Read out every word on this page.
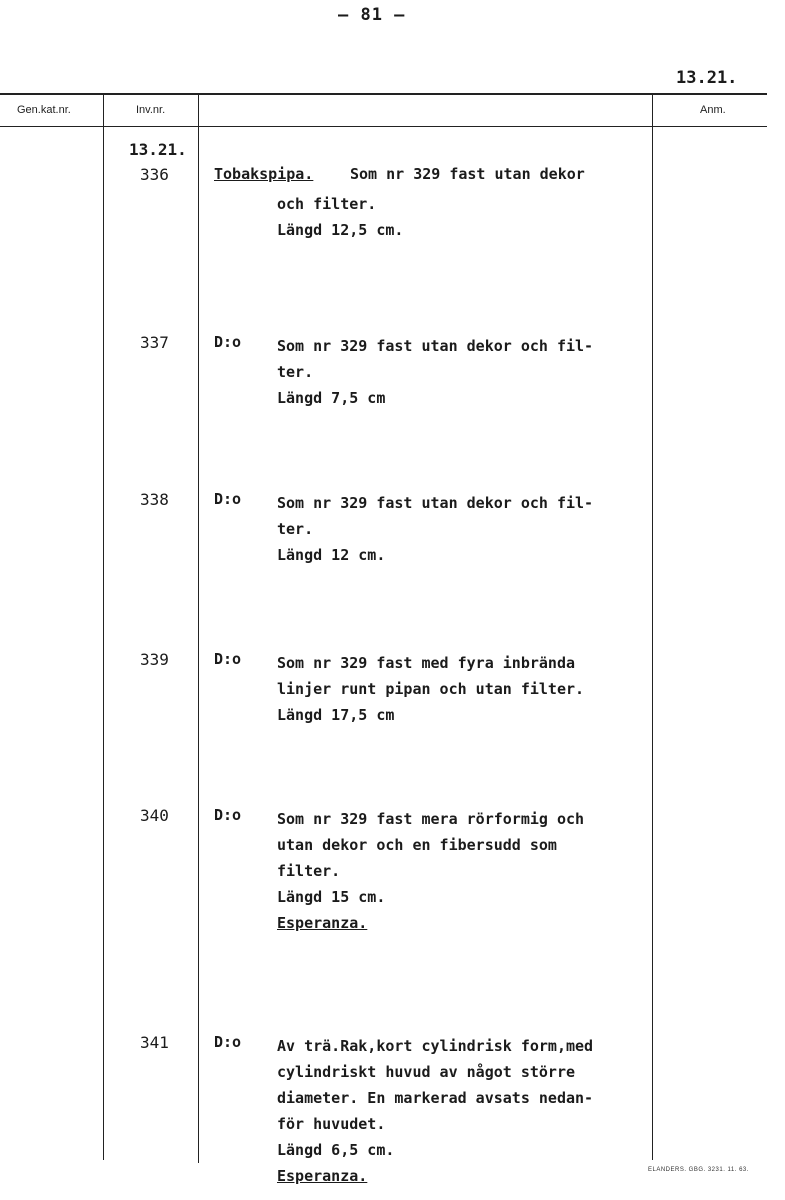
– 81 –
13.21.
Gen.kat.nr.	Inv.nr.	Anm.
13.21.
336	Tobakspipa. Som nr 329 fast utan dekor
och filter.
Längd 12,5 cm.
337	D:o Som nr 329 fast utan dekor och fil-
ter.
Längd 7,5 cm
338	D:o Som nr 329 fast utan dekor och fil-
ter.
Längd 12 cm.
339	D:o Som nr 329 fast med fyra inbrända
linjer runt pipan och utan filter.
Längd 17,5 cm
340	D:o Som nr 329 fast mera rörformig och
utan dekor och en fibersudd som
filter.
Längd 15 cm.
Esperanza.
341	D:o Av trä.Rak,kort cylindrisk form,med
cylindriskt huvud av något större
diameter. En markerad avsats nedan-
för huvudet.
Längd 6,5 cm.
Esperanza.	ELANDERS. GBG. 3231. 11. 63.
